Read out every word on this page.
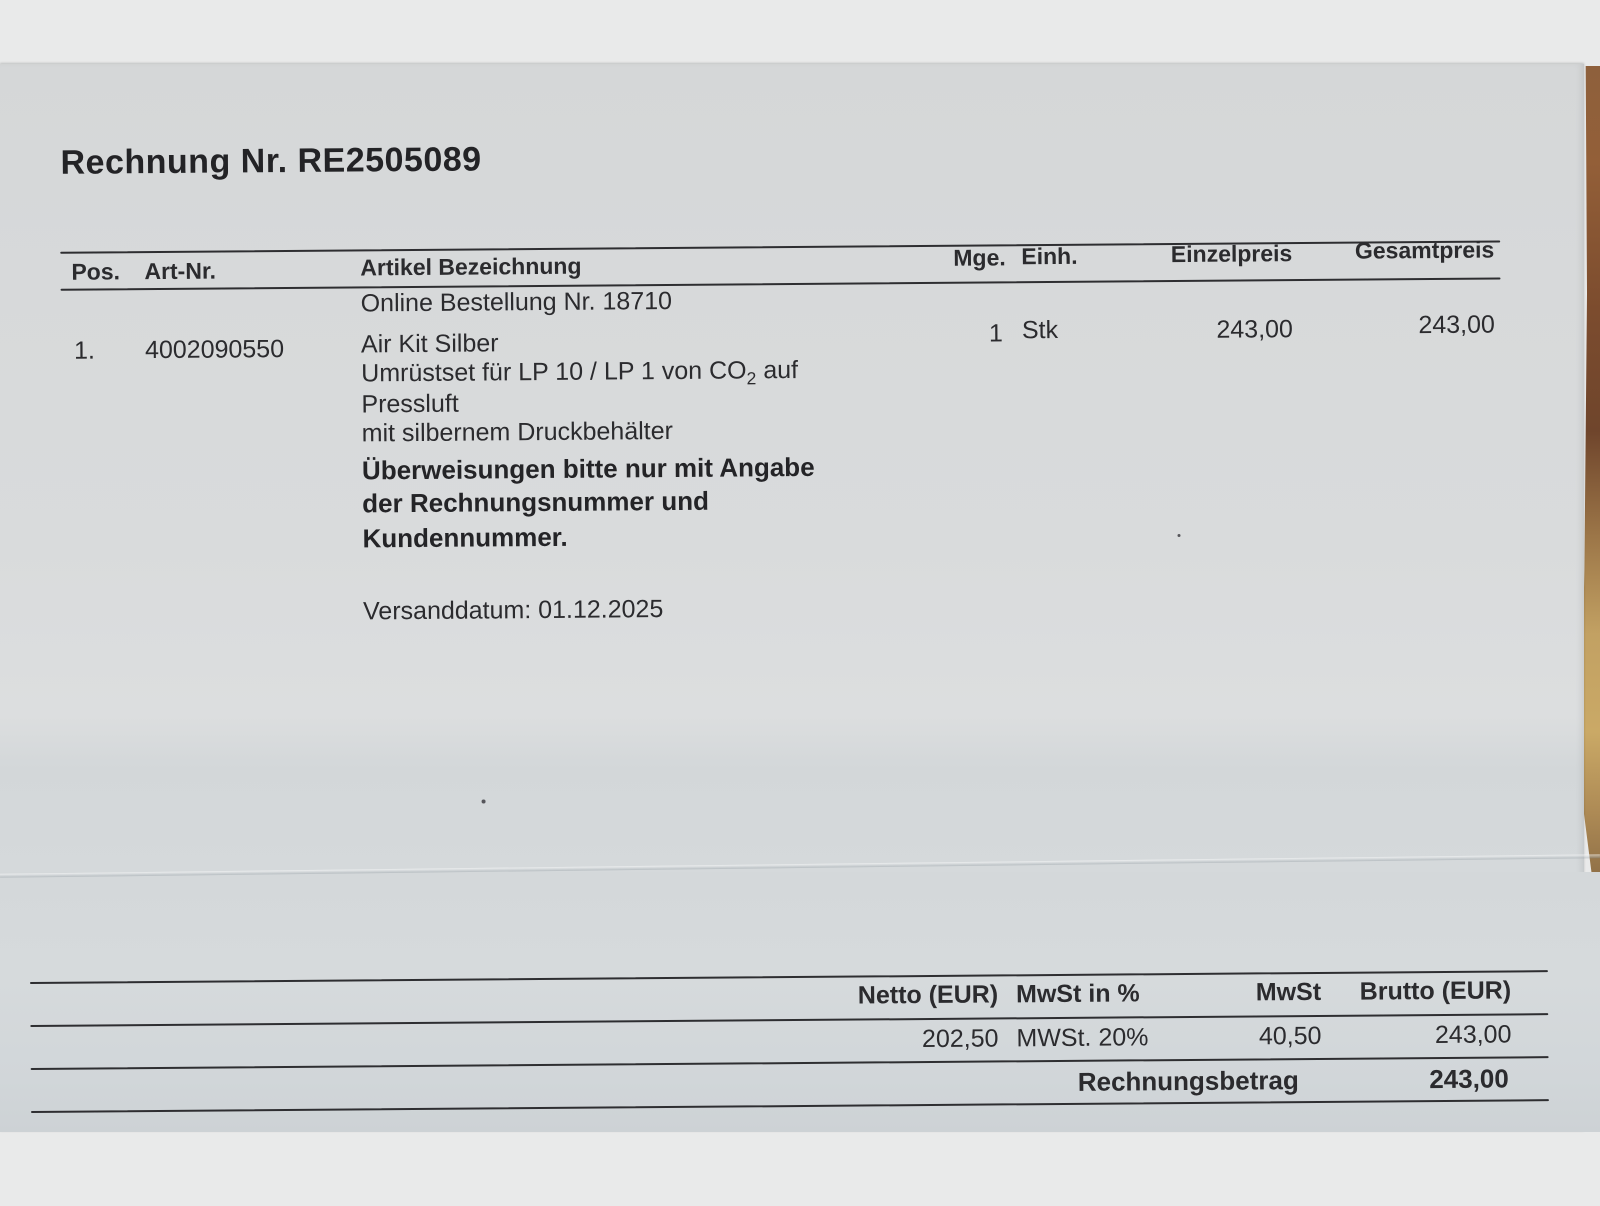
Rechnung Nr. RE2505089
Pos. Art-Nr.	Artikel Bezeichnung	Mge. Einh.	Einzelpreis	Gesamtpreis
Online Bestellung Nr. 18710
1. 4002090550	Air Kit Silber	1 Stk	243,00	243,00
Umrüstset für LP 10 / LP 1 von $CO_2$ auf
Pressluft
mit silbernem Druckbehälter
Überweisungen bitte nur mit Angabe
der Rechnungsnummer und
Kundennummer.
Versanddatum: 01.12.2025
Netto (EUR) MwSt in %	MwSt	Brutto (EUR)
202,50 MWSt. 20%	40,50	243,00
Rechnungsbetrag	243,00
